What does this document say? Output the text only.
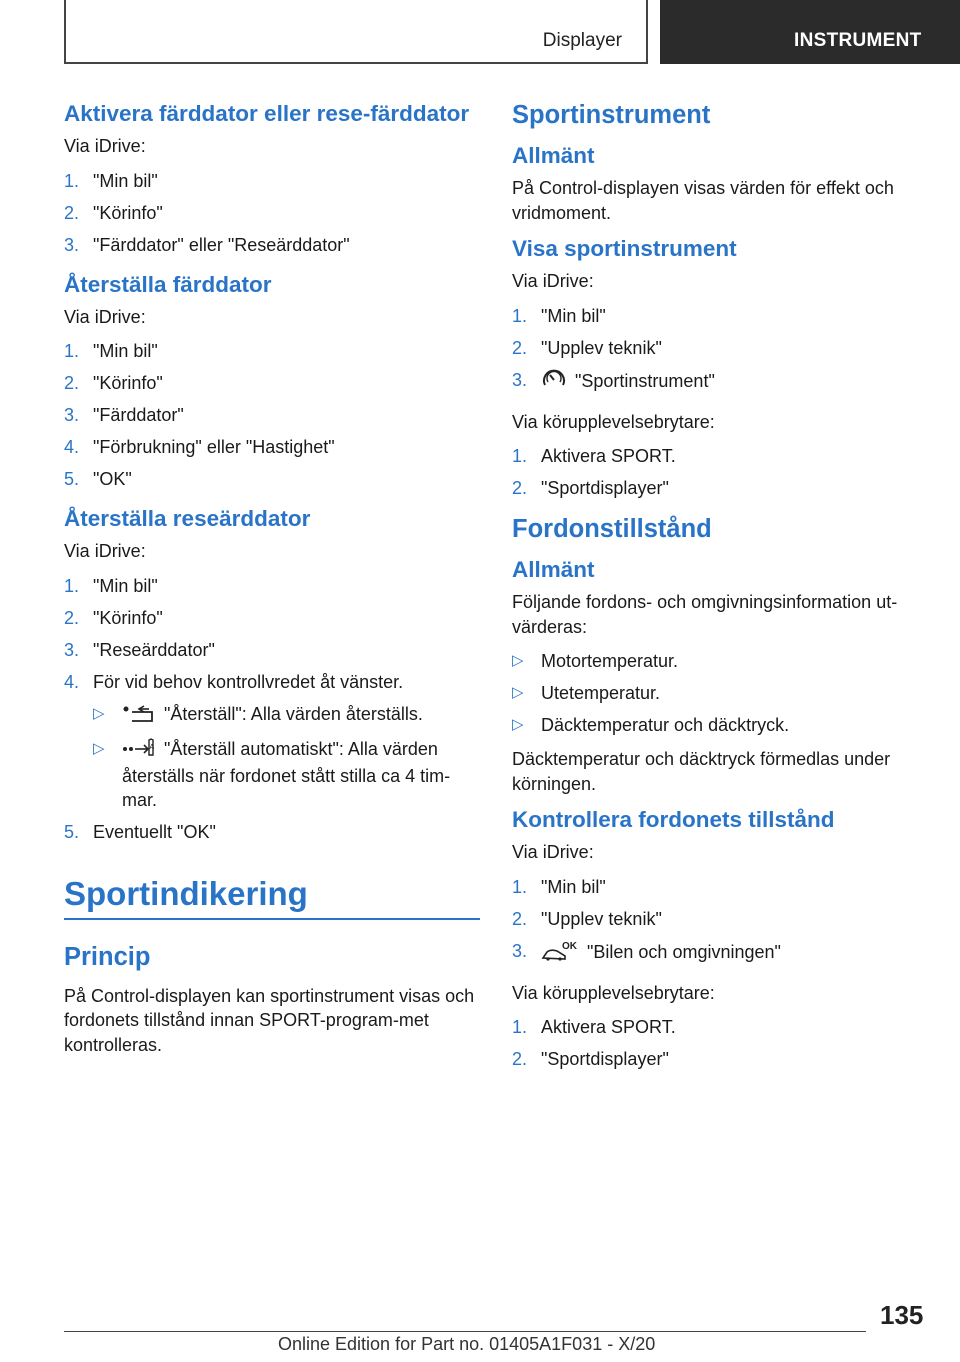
Displayer	INSTRUMENT
Aktivera färddator eller rese-färddator

Via iDrive:

1. "Min bil"
2. "Körinfo"
3. "Färddator" eller "Reseärddator"
Återställa färddator

Via iDrive:

1. "Min bil"
2. "Körinfo"
3. "Färddator"
4. "Förbrukning" eller "Hastighet"
5. "OK"
Återställa reseärddator

Via iDrive:

1. "Min bil"
2. "Körinfo"
3. "Reseärddator"
4. För vid behov kontrollvredet åt vänster.
▷	"Återställ": Alla värden återställs.
▷	A "Återställ automatiskt": Alla värden återställs när fordonet stått stilla ca 4 tim-mar.
5. Eventuellt "OK"
Sportindikering
Princip

På Control-displayen kan sportinstrument visas och fordonets tillstånd innan SPORT-program-met kontrolleras.

Sportinstrument
Allmänt

På Control-displayen visas värden för effekt och vridmoment.

Visa sportinstrument

Via iDrive:

1. "Min bil"
2. "Upplev teknik"
3.	"Sportinstrument"

Via körupplevelsebrytare:

1. Aktivera SPORT.
2. "Sportdisplayer"
Fordonstillstånd
Allmänt

Följande fordons- och omgivningsinformation ut-värderas:

▷ Motortemperatur.
▷ Utetemperatur.
▷ Däcktemperatur och däcktryck.

Däcktemperatur och däcktryck förmedlas under körningen.

Kontrollera fordonets tillstånd

Via iDrive:

1. "Min bil"
2. "Upplev teknik"
3.	OK "Bilen och omgivningen"

Via körupplevelsebrytare:

1. Aktivera SPORT.
2. "Sportdisplayer"
135
Online Edition for Part no. 01405A1F031 - X/20
